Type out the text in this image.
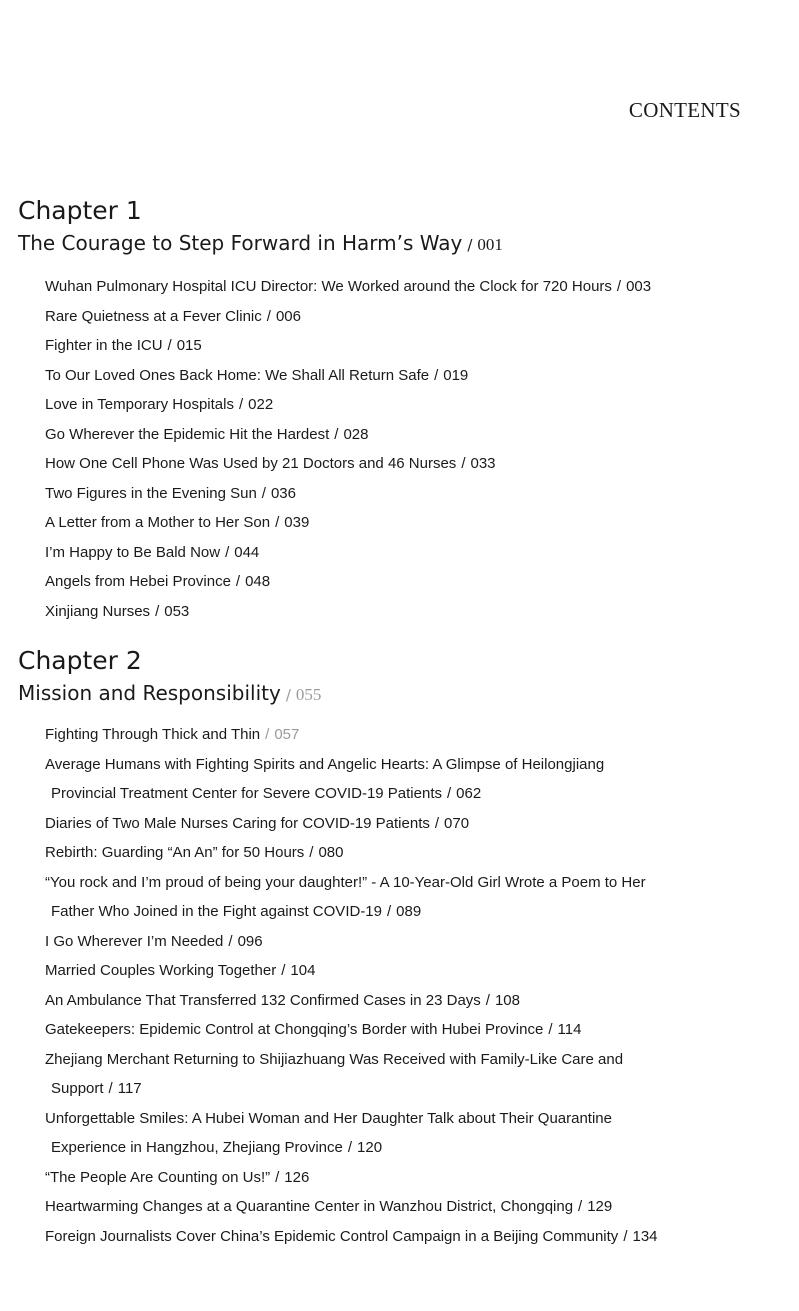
CONTENTS
Chapter 1
The Courage to Step Forward in Harm’s Way / 001
Wuhan Pulmonary Hospital ICU Director: We Worked around the Clock for 720 Hours / 003
Rare Quietness at a Fever Clinic / 006
Fighter in the ICU / 015
To Our Loved Ones Back Home: We Shall All Return Safe / 019
Love in Temporary Hospitals / 022
Go Wherever the Epidemic Hit the Hardest / 028
How One Cell Phone Was Used by 21 Doctors and 46 Nurses / 033
Two Figures in the Evening Sun / 036
A Letter from a Mother to Her Son / 039
I’m Happy to Be Bald Now / 044
Angels from Hebei Province / 048
Xinjiang Nurses / 053
Chapter 2
Mission and Responsibility / 055
Fighting Through Thick and Thin / 057
Average Humans with Fighting Spirits and Angelic Hearts: A Glimpse of Heilongjiang
Provincial Treatment Center for Severe COVID-19 Patients / 062
Diaries of Two Male Nurses Caring for COVID-19 Patients / 070
Rebirth: Guarding “An An” for 50 Hours / 080
“You rock and I’m proud of being your daughter!” - A 10-Year-Old Girl Wrote a Poem to Her
Father Who Joined in the Fight against COVID-19 / 089
I Go Wherever I’m Needed / 096
Married Couples Working Together / 104
An Ambulance That Transferred 132 Confirmed Cases in 23 Days / 108
Gatekeepers: Epidemic Control at Chongqing’s Border with Hubei Province / 114
Zhejiang Merchant Returning to Shijiazhuang Was Received with Family-Like Care and
Support / 117
Unforgettable Smiles: A Hubei Woman and Her Daughter Talk about Their Quarantine
Experience in Hangzhou, Zhejiang Province / 120
“The People Are Counting on Us!” / 126
Heartwarming Changes at a Quarantine Center in Wanzhou District, Chongqing / 129
Foreign Journalists Cover China’s Epidemic Control Campaign in a Beijing Community / 134
